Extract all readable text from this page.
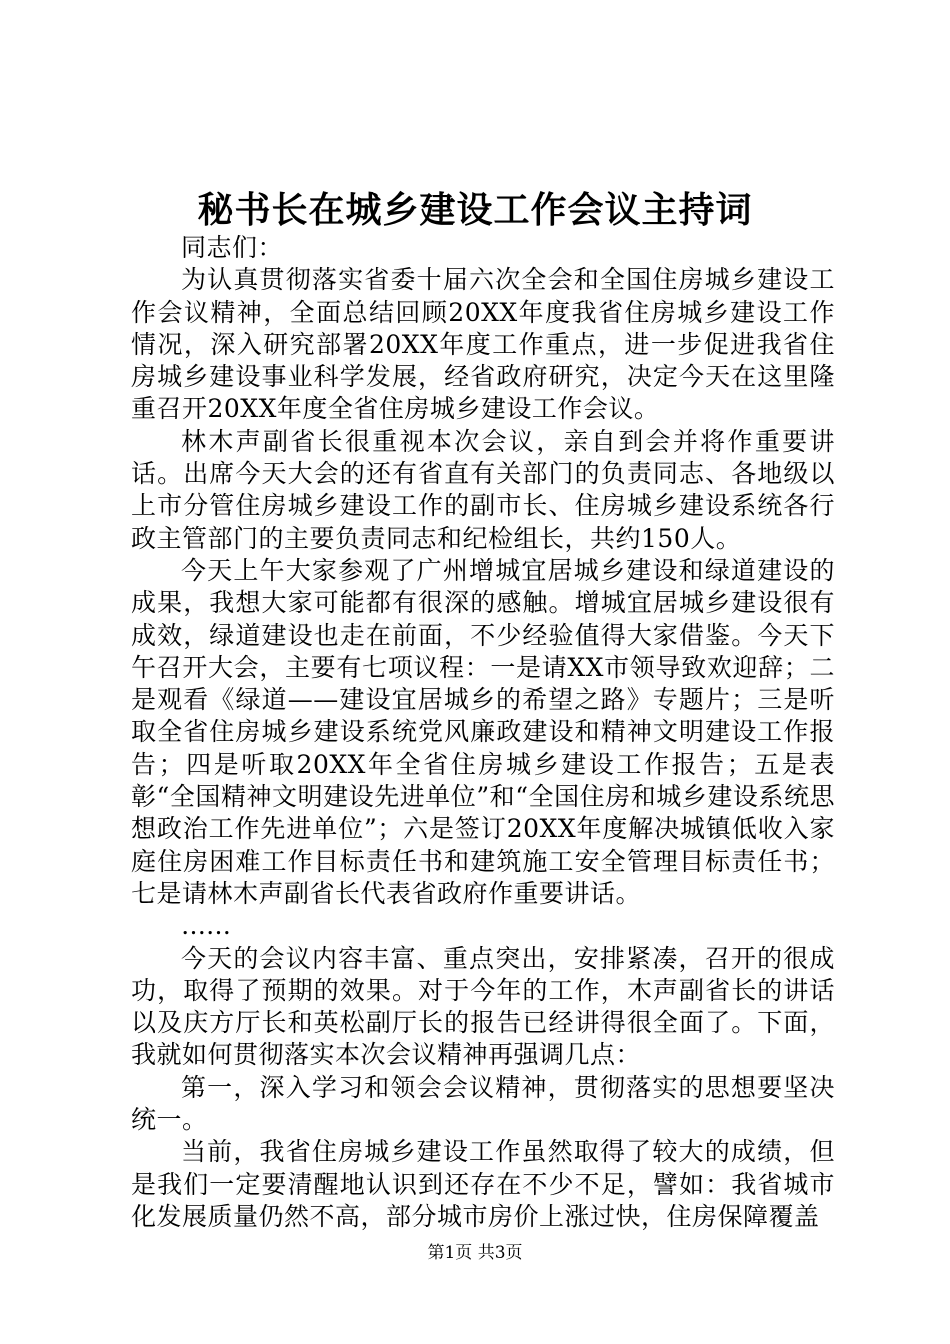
秘书长在城乡建设工作会议主持词

同志们：

为认真贯彻落实省委十届六次全会和全国住房城乡建设工作会议精神，全面总结回顾20XX年度我省住房城乡建设工作情况，深入研究部署20XX年度工作重点，进一步促进我省住房城乡建设事业科学发展，经省政府研究，决定今天在这里隆重召开20XX年度全省住房城乡建设工作会议。

林木声副省长很重视本次会议，亲自到会并将作重要讲话。出席今天大会的还有省直有关部门的负责同志、各地级以上市分管住房城乡建设工作的副市长、住房城乡建设系统各行政主管部门的主要负责同志和纪检组长，共约150人。

今天上午大家参观了广州增城宜居城乡建设和绿道建设的成果，我想大家可能都有很深的感触。增城宜居城乡建设很有成效，绿道建设也走在前面，不少经验值得大家借鉴。今天下午召开大会，主要有七项议程：一是请XX市领导致欢迎辞；二是观看《绿道——建设宜居城乡的希望之路》专题片；三是听取全省住房城乡建设系统党风廉政建设和精神文明建设工作报告；四是听取20XX年全省住房城乡建设工作报告；五是表彰“全国精神文明建设先进单位”和“全国住房和城乡建设系统思想政治工作先进单位”；六是签订20XX年度解决城镇低收入家庭住房困难工作目标责任书和建筑施工安全管理目标责任书；七是请林木声副省长代表省政府作重要讲话。

……

今天的会议内容丰富、重点突出，安排紧凑，召开的很成功，取得了预期的效果。对于今年的工作，木声副省长的讲话以及庆方厅长和英松副厅长的报告已经讲得很全面了。下面，我就如何贯彻落实本次会议精神再强调几点：

第一，深入学习和领会会议精神，贯彻落实的思想要坚决统一。

当前，我省住房城乡建设工作虽然取得了较大的成绩，但是我们一定要清醒地认识到还存在不少不足，譬如：我省城市化发展质量仍然不高，部分城市房价上涨过快，住房保障覆盖

第1页 共3页
